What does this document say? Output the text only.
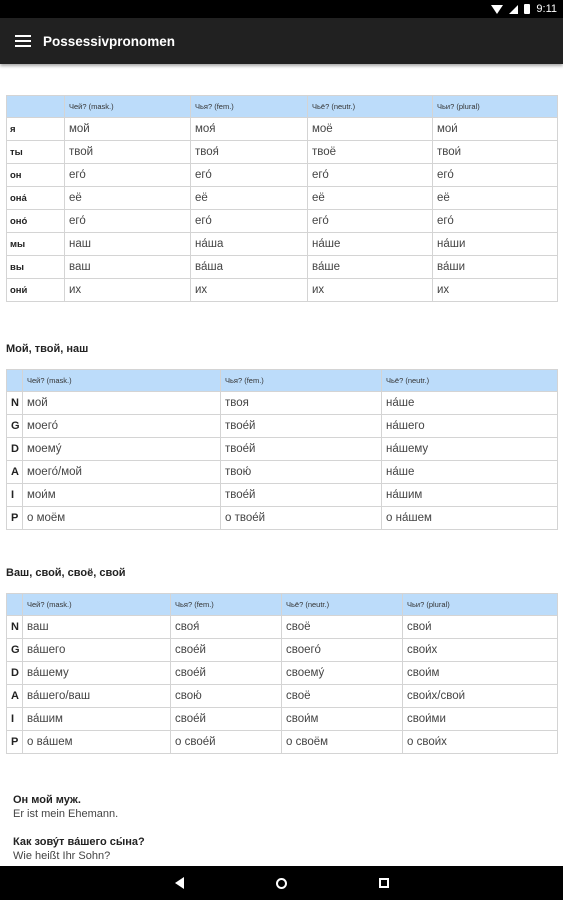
9:11
Possessivpronomen
	Чей? (mask.)	Чья? (fem.)	Чьё? (neutr.)	Чьи? (plural)
я	мой	моя́	моё	мои́
ты	твой	твоя́	твоё	твои́
он	его́	его́	его́	его́
она́	её	её	её	её
оно́	его́	его́	его́	его́
мы	наш	на́ша	на́ше	на́ши
вы	ваш	ва́ша	ва́ше	ва́ши
они́	их	их	их	их
Мой, твой, наш
	Чей? (mask.)	Чья? (fem.)	Чьё? (neutr.)
N	мой	твоя	на́ше
G	моего́	твое́й	на́шего
D	моему́	твое́й	на́шему
A	моего́/мой	твою́	на́ше
I	мои́м	твое́й	на́шим
P	о моём	о твое́й	о на́шем
Ваш, свой, своё, свой
	Чей? (mask.)	Чья? (fem.)	Чьё? (neutr.)	Чьи? (plural)
N	ваш	своя́	своё	свои́
G	ва́шего	свое́й	своего́	свои́х
D	ва́шему	свое́й	своему́	свои́м
A	ва́шего/ваш	свою́	своё	свои́х/свои́
I	ва́шим	свое́й	свои́м	свои́ми
P	о ва́шем	о свое́й	о своём	о свои́х
Он мой муж.
Er ist mein Ehemann.
Как зову́т ва́шего сы́на?
Wie heißt Ihr Sohn?
